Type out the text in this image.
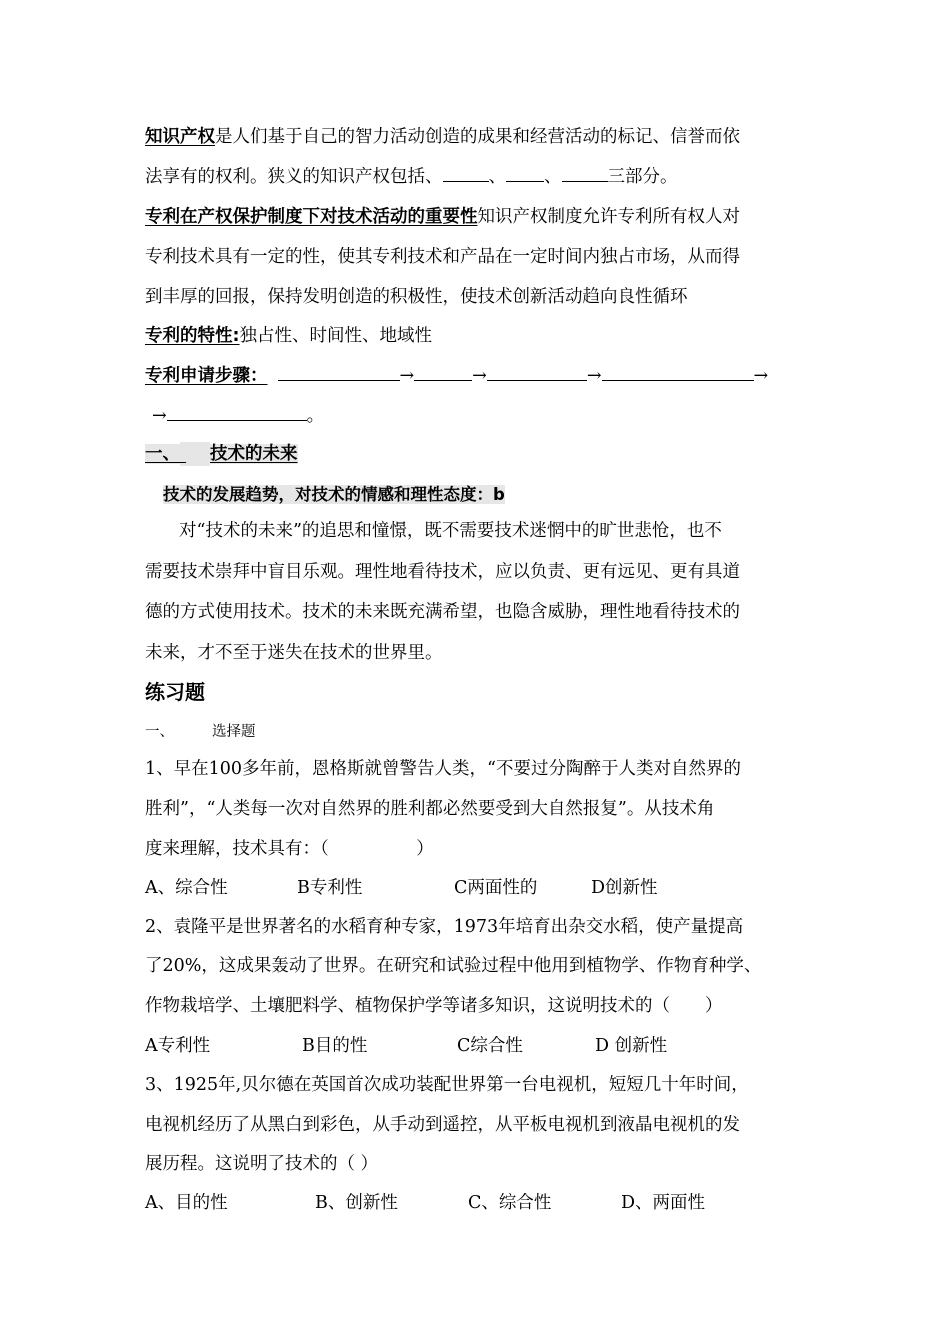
知识产权是人们基于自己的智力活动创造的成果和经营活动的标记、信誉而依
法享有的权利。狭义的知识产权包括、	、 、	三部分。
专利在产权保护制度下对技术活动的重要性知识产权制度允许专利所有权人对
专利技术具有一定的性，使其专利技术和产品在一定时间内独占市场，从而得
到丰厚的回报，保持发明创造的积极性，使技术创新活动趋向良性循环
专利的特性:独占性、时间性、地域性
专利申请步骤：	→	→	→	→
→	。
一、 技术的未来
技术的发展趋势，对技术的情感和理性态度：b
对“技术的未来”的追思和憧憬，既不需要技术迷惘中的旷世悲怆，也不
需要技术崇拜中盲目乐观。理性地看待技术，应以负责、更有远见、更有具道
德的方式使用技术。技术的未来既充满希望，也隐含威胁，理性地看待技术的
未来，才不至于迷失在技术的世界里。
练习题
一、	选择题
1、早在100多年前，恩格斯就曾警告人类，“不要过分陶醉于人类对自然界的
胜利”，“人类每一次对自然界的胜利都必然要受到大自然报复”。从技术角
度来理解，技术具有：（　　　　　）
A、综合性	B专利性	C两面性的	D创新性
2、袁隆平是世界著名的水稻育种专家，1973年培育出杂交水稻，使产量提高
了20%，这成果轰动了世界。在研究和试验过程中他用到植物学、作物育种学、
作物栽培学、土壤肥料学、植物保护学等诸多知识，这说明技术的（　　）
A专利性	B目的性	C综合性	D 创新性
3、1925年,贝尔德在英国首次成功装配世界第一台电视机，短短几十年时间，
电视机经历了从黑白到彩色，从手动到遥控，从平板电视机到液晶电视机的发
展历程。这说明了技术的（ ）
A、目的性	B、创新性	C、综合性	D、两面性
